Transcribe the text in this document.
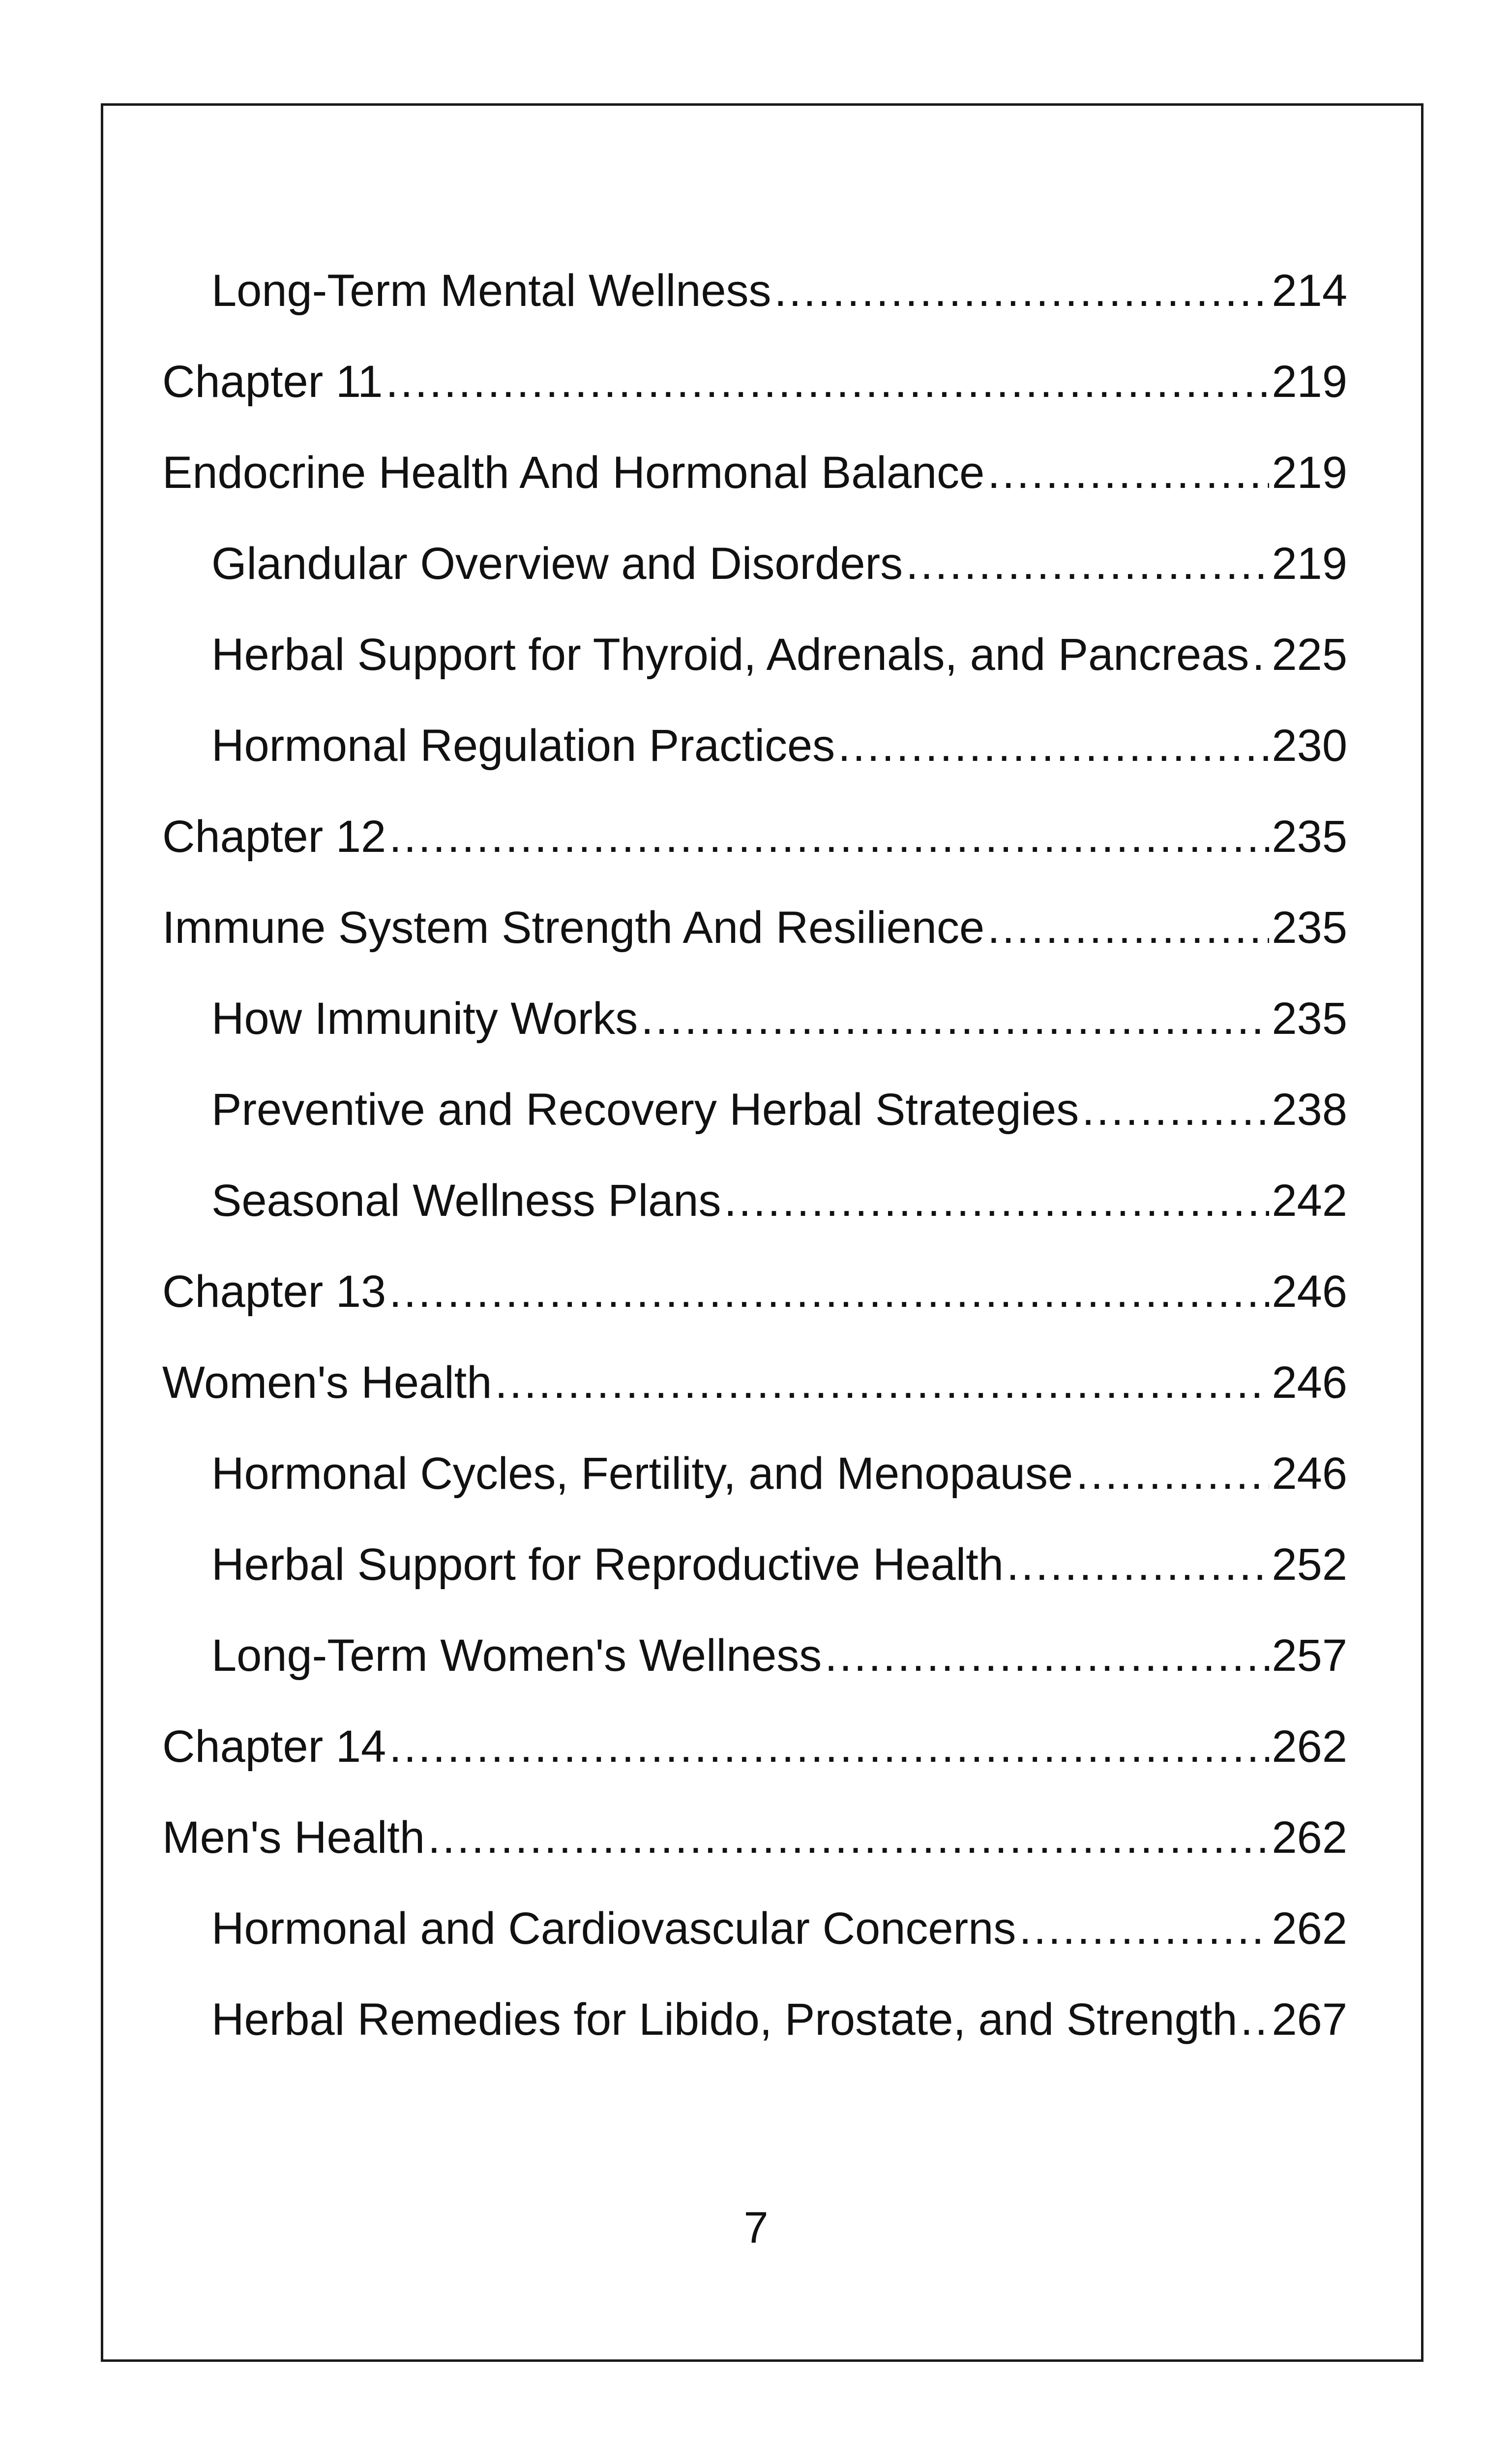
Long-Term Mental Wellness .....	214
Chapter 11 .....	219
Endocrine Health And Hormonal Balance .....	219
Glandular Overview and Disorders .....	219
Herbal Support for Thyroid, Adrenals, and Pancreas ..... 225
Hormonal Regulation Practices .....	230
Chapter 12 .....	235
Immune System Strength And Resilience .....	235
How Immunity Works .....	235
Preventive and Recovery Herbal Strategies .....	238
Seasonal Wellness Plans .....	242
Chapter 13 .....	246
Women's Health .....	246
Hormonal Cycles, Fertility, and Menopause .....	246
Herbal Support for Reproductive Health .....	252
Long-Term Women's Wellness .....	257
Chapter 14 .....	262
Men's Health .....	262
Hormonal and Cardiovascular Concerns .....	262
Herbal Remedies for Libido, Prostate, and Strength ..... 267
7
